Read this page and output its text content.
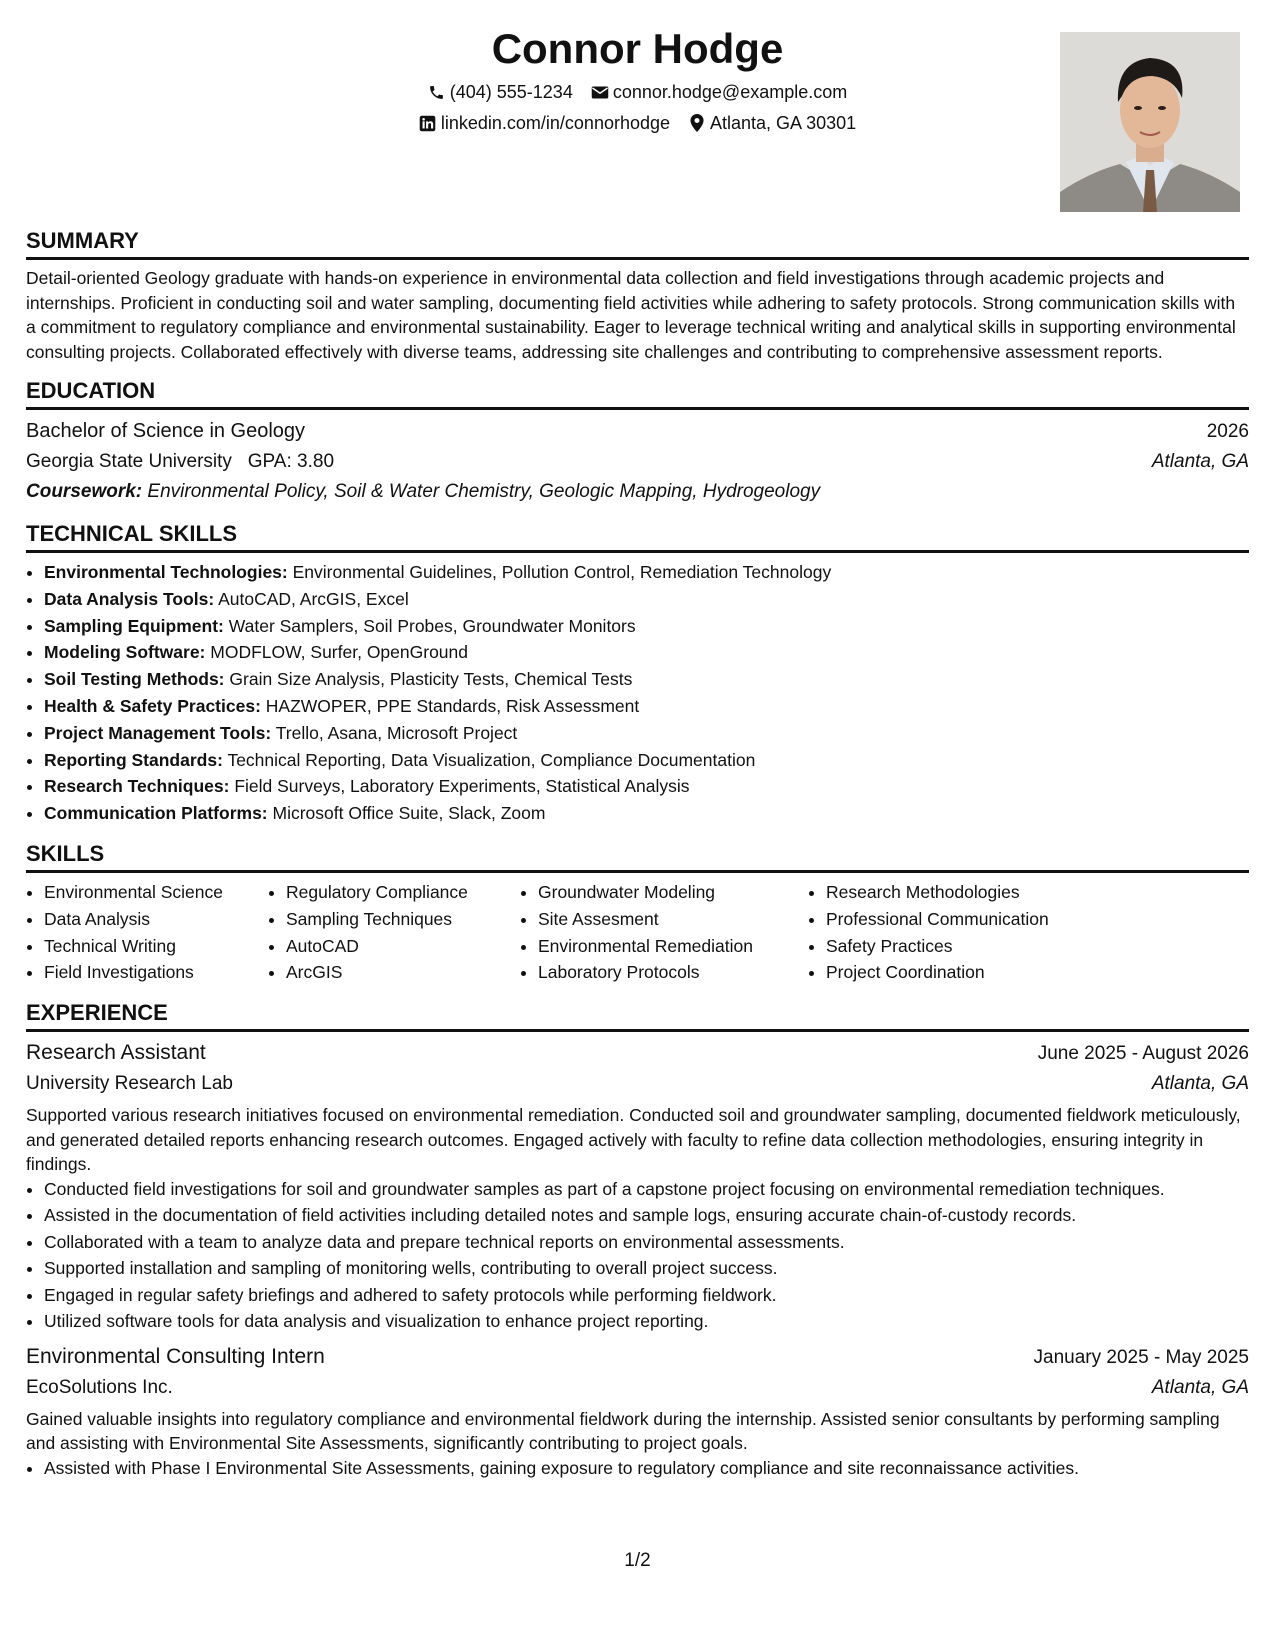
Connor Hodge
(404) 555-1234 connor.hodge@example.com
linkedin.com/in/connorhodge Atlanta, GA 30301
SUMMARY

Detail-oriented Geology graduate with hands-on experience in environmental data collection and field investigations through academic projects and internships. Proficient in conducting soil and water sampling, documenting field activities while adhering to safety protocols. Strong communication skills with a commitment to regulatory compliance and environmental sustainability. Eager to leverage technical writing and analytical skills in supporting environmental consulting projects. Collaborated effectively with diverse teams, addressing site challenges and contributing to comprehensive assessment reports.

EDUCATION
Bachelor of Science in Geology	2026
Georgia State University GPA: 3.80	Atlanta, GA
Coursework: Environmental Policy, Soil & Water Chemistry, Geologic Mapping, Hydrogeology
TECHNICAL SKILLS
• Environmental Technologies: Environmental Guidelines, Pollution Control, Remediation Technology
• Data Analysis Tools: AutoCAD, ArcGIS, Excel
• Sampling Equipment: Water Samplers, Soil Probes, Groundwater Monitors
• Modeling Software: MODFLOW, Surfer, OpenGround
• Soil Testing Methods: Grain Size Analysis, Plasticity Tests, Chemical Tests
• Health & Safety Practices: HAZWOPER, PPE Standards, Risk Assessment
• Project Management Tools: Trello, Asana, Microsoft Project
• Reporting Standards: Technical Reporting, Data Visualization, Compliance Documentation
• Research Techniques: Field Surveys, Laboratory Experiments, Statistical Analysis
• Communication Platforms: Microsoft Office Suite, Slack, Zoom
SKILLS
• Environmental Science
• Data Analysis
• Technical Writing
• Field Investigations
• Regulatory Compliance
• Sampling Techniques
• AutoCAD
• ArcGIS
• Groundwater Modeling
• Site Assesment
• Environmental Remediation
• Laboratory Protocols
• Research Methodologies
• Professional Communication
• Safety Practices
• Project Coordination
EXPERIENCE
Research Assistant	June 2025 - August 2026
University Research Lab	Atlanta, GA

Supported various research initiatives focused on environmental remediation. Conducted soil and groundwater sampling, documented fieldwork meticulously, and generated detailed reports enhancing research outcomes. Engaged actively with faculty to refine data collection methodologies, ensuring integrity in findings.

• Conducted field investigations for soil and groundwater samples as part of a capstone project focusing on environmental remediation techniques.
• Assisted in the documentation of field activities including detailed notes and sample logs, ensuring accurate chain-of-custody records.
• Collaborated with a team to analyze data and prepare technical reports on environmental assessments.
• Supported installation and sampling of monitoring wells, contributing to overall project success.
• Engaged in regular safety briefings and adhered to safety protocols while performing fieldwork.
• Utilized software tools for data analysis and visualization to enhance project reporting.
Environmental Consulting Intern	January 2025 - May 2025
EcoSolutions Inc.	Atlanta, GA

Gained valuable insights into regulatory compliance and environmental fieldwork during the internship. Assisted senior consultants by performing sampling and assisting with Environmental Site Assessments, significantly contributing to project goals.

• Assisted with Phase I Environmental Site Assessments, gaining exposure to regulatory compliance and site reconnaissance activities.
1/2
